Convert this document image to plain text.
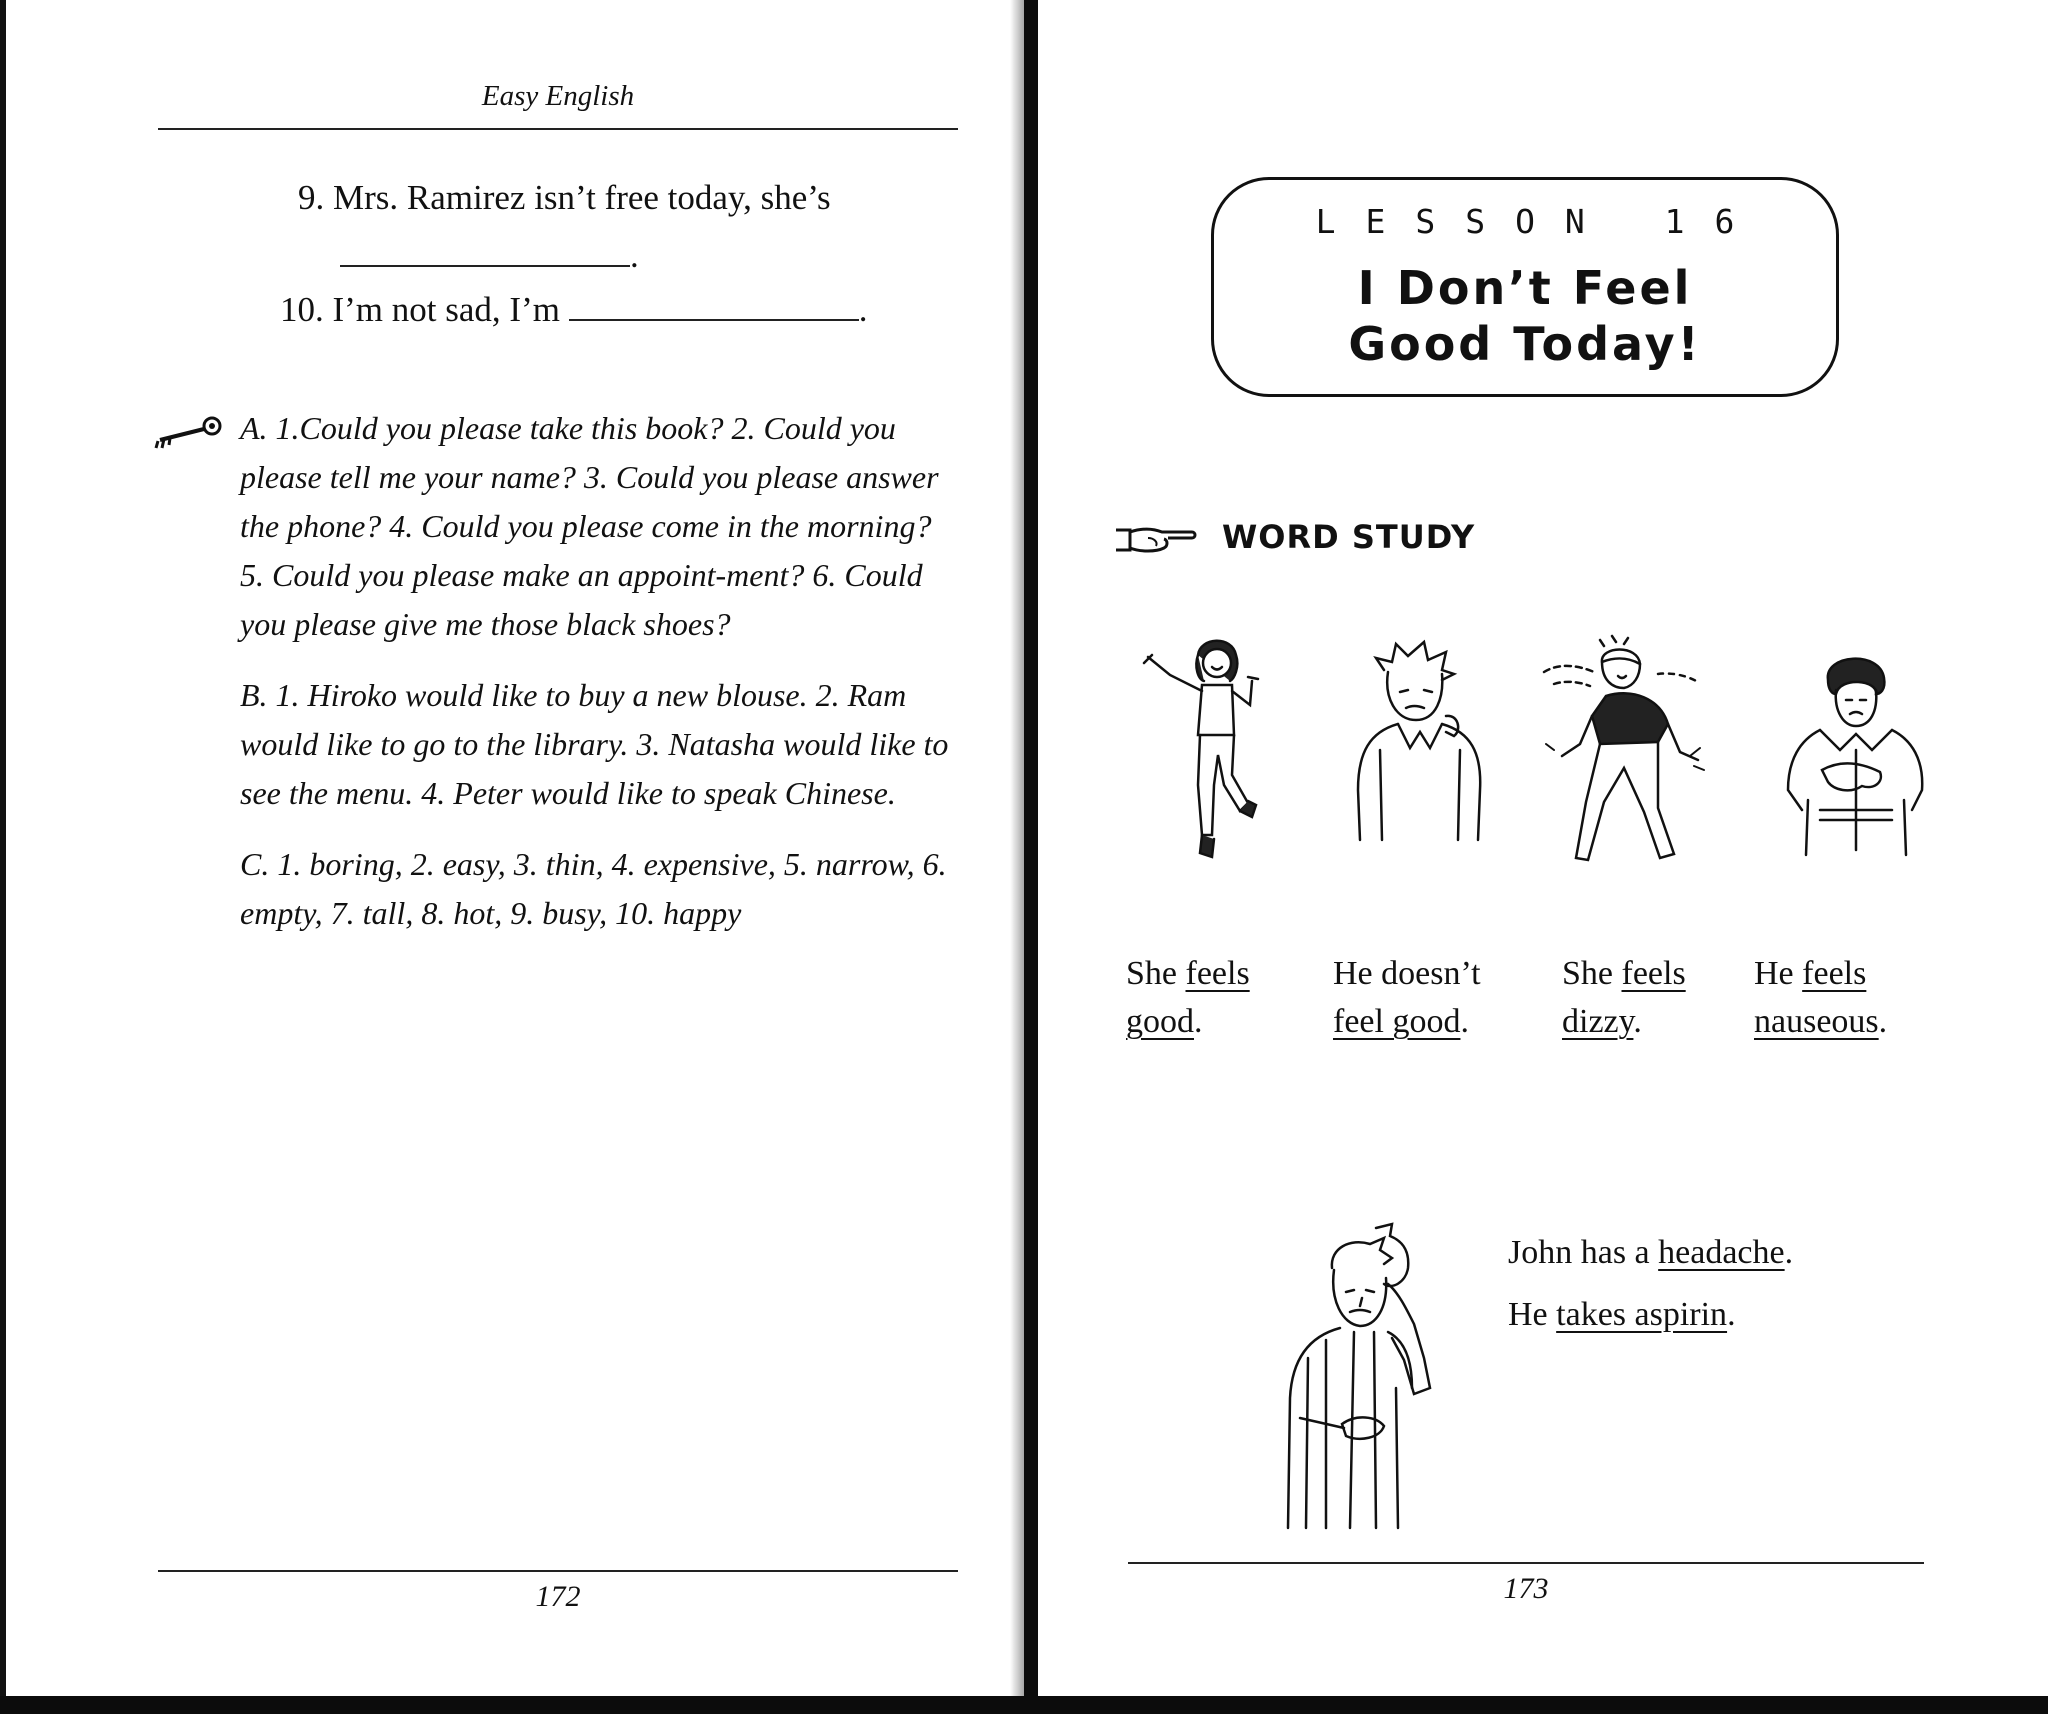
Easy English
9. Mrs. Ramirez isn’t free today, she’s
.
10. I’m not sad, I’m	.

A. 1.Could you please take this book? 2. Could you please tell me your name? 3. Could you please answer the phone? 4. Could you please come in the morning? 5. Could you please make an appoint-ment? 6. Could you please give me those black shoes?

B. 1. Hiroko would like to buy a new blouse. 2. Ram would like to go to the library. 3. Natasha would like to see the menu. 4. Peter would like to speak Chinese.

C. 1. boring, 2. easy, 3. thin, 4. expensive, 5. narrow, 6. empty, 7. tall, 8. hot, 9. busy, 10. happy

172
LESSON 16
I Don’t Feel
Good Today!
WORD STUDY
She feels
good.
He doesn’t
feel good.
She feels
dizzy.
He feels
nauseous.
John has a headache.
He takes aspirin.
173
